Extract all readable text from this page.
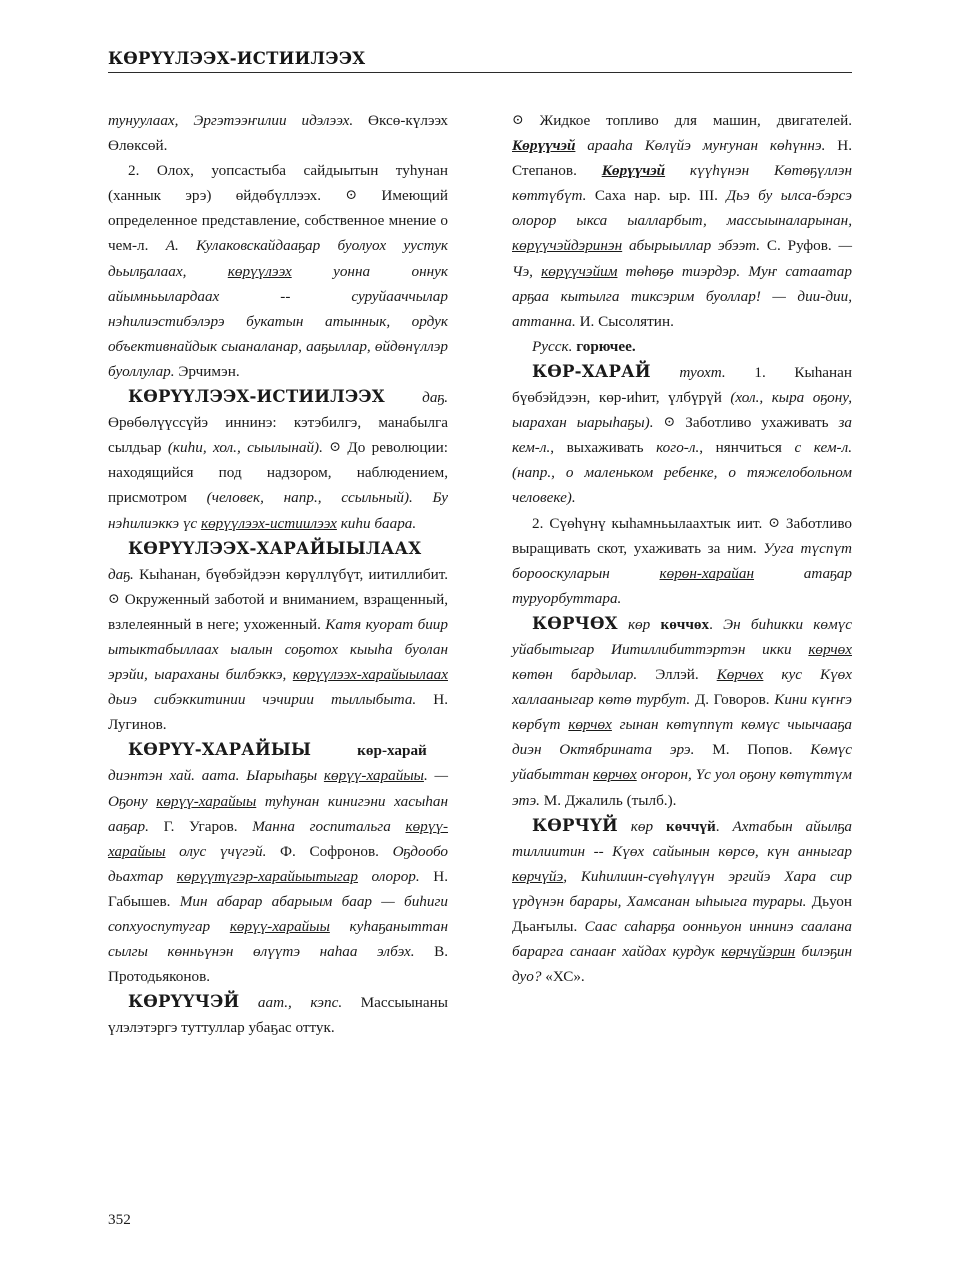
КӨРҮҮЛЭЭХ-ИСТИИЛЭЭХ

тунуулаах, Эргэтээҥилии идэлээх. Өксө-күлээх Өлөксөй.

2. Олох, уопсастыба сайдыытын туһунан (ханнык эрэ) өйдөбүллээх. ⊙ Имеющий определенное представление, собственное мнение о чем-л. А. Кулаковскайдааҕар буолуох уустук дьылҕалаах, көрүүлээх уонна оннук айымньылардаах -- суруйааччылар нэһилиэстибэлэрэ букатын атыннык, ордук объективнайдык сыаналанар, ааҕыллар, өйдөнүллэр буоллулар. Эрчимэн.

КӨРҮҮЛЭЭХ-ИСТИИЛЭЭХ даҕ. Өрөбөлүүссүйэ иннинэ: кэтэбилгэ, манабылга сылдьар (киһи, хол., сыылынай). ⊙ До революции: находящийся под надзором, наблюдением, присмотром (человек, напр., ссыльный). Бу нэһилиэккэ үс көрүүлээх-истиилээх киһи баара.

КӨРҮҮЛЭЭХ-ХАРАЙЫЫЛААХ даҕ. Кыһанан, бүөбэйдээн көрүллүбүт, иитиллибит. ⊙ Окруженный заботой и вниманием, взращенный, взлелеянный в неге; ухоженный. Катя куорат биир ытыктабыллаах ыалын соҕотох кыыһа буолан эрэйи, ыараханы билбэккэ, көрүүлээх-харайыылаах дьиэ сибэккитинии чэчирии тыллыбыта. Н. Лугинов.

КӨРҮҮ-ХАРАЙЫЫ	көр-харай диэнтэн хай. аата. Ыарыһаҕы көрүү-харайыы. — Оҕону көрүү-харайыы туһунан кинигэни хасыһан ааҕар. Г. Угаров. Манна госпитальга көрүү-харайыы олус үчүгэй. Ф. Софронов. Оҕдообо дьахтар көрүүтүгэр-харайыытыгар олорор. Н. Габышев. Мин абарар абарыым баар — биһиги сопхуоспутугар көрүү-харайыы куһаҕаныттан сылгы көнньүнэн өлүүтэ наһаа элбэх. В. Протодьяконов.

КӨРҮҮЧЭЙ аат., кэпс. Массыынаны үлэлэтэргэ туттуллар убаҕас оттук.

⊙ Жидкое топливо для машин, двигателей. Көрүүчэй арааһа Көлүйэ муҥунан көһүннэ. Н. Степанов. Көрүүчэй күүһүнэн Көтөҕүллэн көттүбүт. Саха нар. ыр. III. Дьэ бу ылса-бэрсэ олорор ыкса ыалларбыт, массыыналарынан, көрүүчэйдэринэн абырыыллар эбээт. С. Руфов. — Чэ, көрүүчэйим төһөҕө тиэрдэр. Муҥ сатаатар арҕаа кытылга тиксэрим буоллар! — дии-дии, аттанна. И. Сысолятин.

Русск. горючее.

КӨР-ХАРАЙ туохт. 1. Кыһанан бүөбэйдээн, көр-иһит, үлбүрүй (хол., кыра оҕону, ыарахан ыарыһаҕы). ⊙ Заботливо ухаживать за кем-л., выхаживать кого-л., нянчиться с кем-л. (напр., о маленьком ребенке, о тяжелобольном человеке).

2. Сүөһүнү кыһамньылаахтык иит. ⊙ Заботливо выращивать скот, ухаживать за ним. Ууга түспүт борооскуларын көрөн-харайан атаҕар туруорбуттара.

КӨРЧӨХ көр көччөх. Эн биһикки көмүс уйабытыгар Иитиллибиттэртэн икки көрчөх көтөн бардылар. Эллэй. Көрчөх кус Күөх халлааныгар көтө турбут. Д. Говоров. Кини күҥҥэ көрбүт көрчөх гынан көтүппүт көмүс чыычааҕа диэн Октябрината эрэ. М. Попов. Көмүс уйабыттан көрчөх оҥорон, Үс уол оҕону көтүттүм этэ. М. Джалиль (тылб.).

КӨРЧҮЙ көр көччүй. Ахтабын айылҕа тиллиитин -- Күөх сайынын көрсө, күн анныгар көрчүйэ, Киһилиин-сүөһүлүүн эргийэ Хара сир үрдүнэн барары, Хамсанан ыһыыга турары. Дьуон Дьаҥылы. Саас саһарҕа оонньуон иннинэ саалана барарга санааҥ хайдах курдук көрчүйэрин билэҕин дуо? «ХС».

352
